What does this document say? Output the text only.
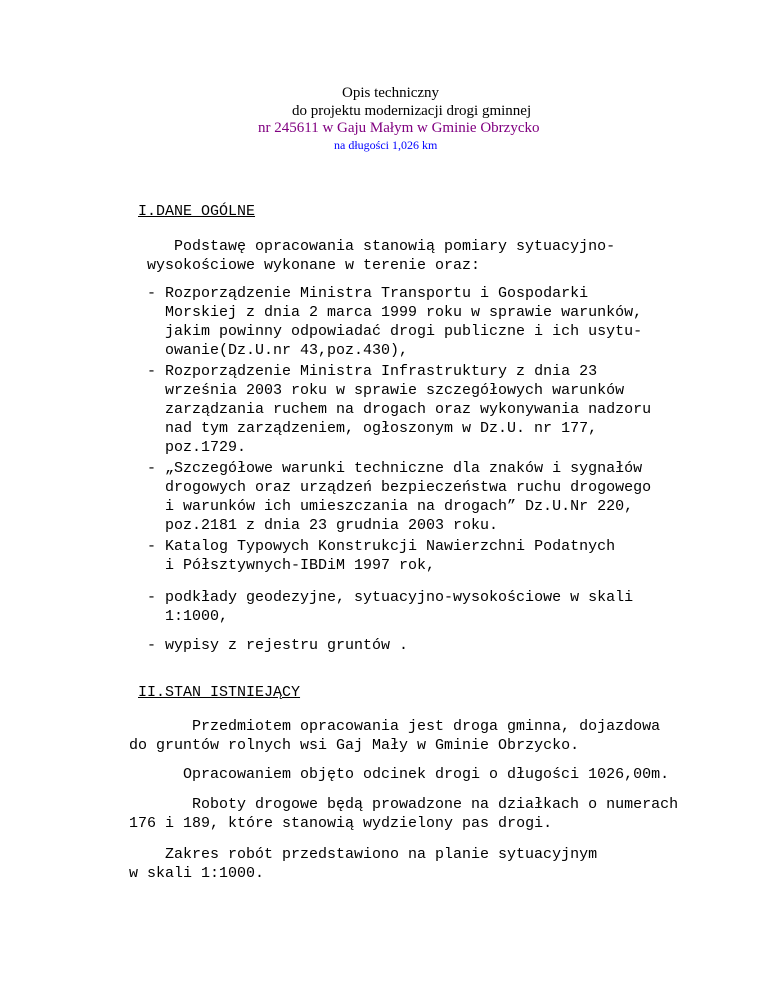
Opis techniczny
do projektu modernizacji drogi gminnej
nr 245611 w Gaju Małym w Gminie Obrzycko
na długości 1,026 km
I.DANE OGÓLNE
Podstawę opracowania stanowią pomiary sytuacyjno-
wysokościowe wykonane w terenie oraz:
- Rozporządzenie Ministra Transportu i Gospodarki
Morskiej z dnia 2 marca 1999 roku w sprawie warunków,
jakim powinny odpowiadać drogi publiczne i ich usytu-
owanie(Dz.U.nr 43,poz.430),
- Rozporządzenie Ministra Infrastruktury z dnia 23
września 2003 roku w sprawie szczegółowych warunków
zarządzania ruchem na drogach oraz wykonywania nadzoru
nad tym zarządzeniem, ogłoszonym w Dz.U. nr 177,
poz.1729.
- „Szczegółowe warunki techniczne dla znaków i sygnałów
drogowych oraz urządzeń bezpieczeństwa ruchu drogowego
i warunków ich umieszczania na drogach” Dz.U.Nr 220,
poz.2181 z dnia 23 grudnia 2003 roku.
- Katalog Typowych Konstrukcji Nawierzchni Podatnych
i Półsztywnych-IBDiM 1997 rok,
- podkłady geodezyjne, sytuacyjno-wysokościowe w skali
1:1000,
- wypisy z rejestru gruntów .
II.STAN ISTNIEJĄCY
Przedmiotem opracowania jest droga gminna, dojazdowa
do gruntów rolnych wsi Gaj Mały w Gminie Obrzycko.
Opracowaniem objęto odcinek drogi o długości 1026,00m.
Roboty drogowe będą prowadzone na działkach o numerach
176 i 189, które stanowią wydzielony pas drogi.
Zakres robót przedstawiono na planie sytuacyjnym
w skali 1:1000.
